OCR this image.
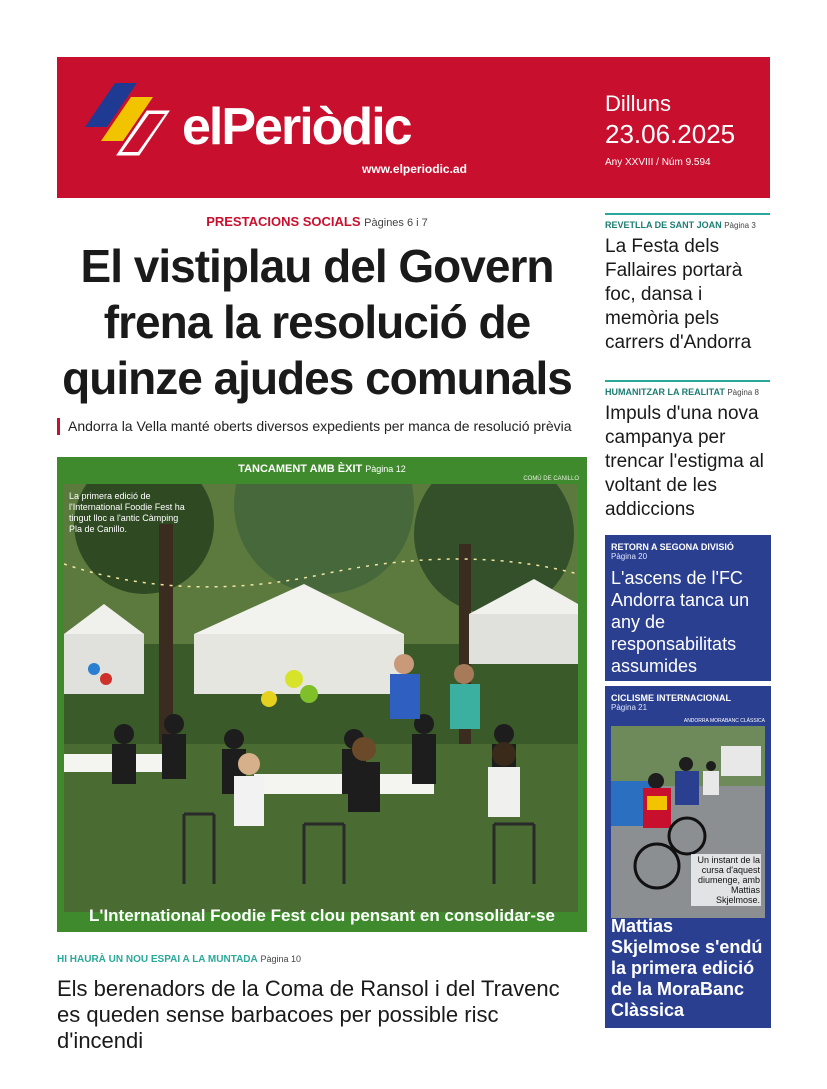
elPeriòdic
www.elperiodic.ad
Dilluns
23.06.2025
Any XXVIII / Núm 9.594
PRESTACIONS SOCIALS Pàgines 6 i 7
El vistiplau del Govern frena la resolució de quinze ajudes comunals
Andorra la Vella manté oberts diversos expedients per manca de resolució prèvia
TANCAMENT AMB ÈXIT Pàgina 12
COMÚ DE CANILLO
La primera edició de l'International Foodie Fest ha tingut lloc a l'antic Càmping Pla de Canillo.
L'International Foodie Fest clou pensant en consolidar-se
HI HAURÀ UN NOU ESPAI A LA MUNTADA Pàgina 10
Els berenadors de la Coma de Ransol i del Travenc es queden sense barbacoes per possible risc d'incendi
REVETLLA DE SANT JOAN Pàgina 3
La Festa dels Fallaires portarà foc, dansa i memòria pels carrers d'Andorra
HUMANITZAR LA REALITAT Pàgina 8
Impuls d'una nova campanya per trencar l'estigma al voltant de les addiccions
RETORN A SEGONA DIVISIÓ
Pàgina 20
L'ascens de l'FC Andorra tanca un any de responsabilitats assumides
CICLISME INTERNACIONAL
Pàgina 21
ANDORRA MORABANC CLÀSSICA
Un instant de la cursa d'aquest diumenge, amb Mattias Skjelmose.
Mattias Skjelmose s'endú la primera edició de la MoraBanc Clàssica
